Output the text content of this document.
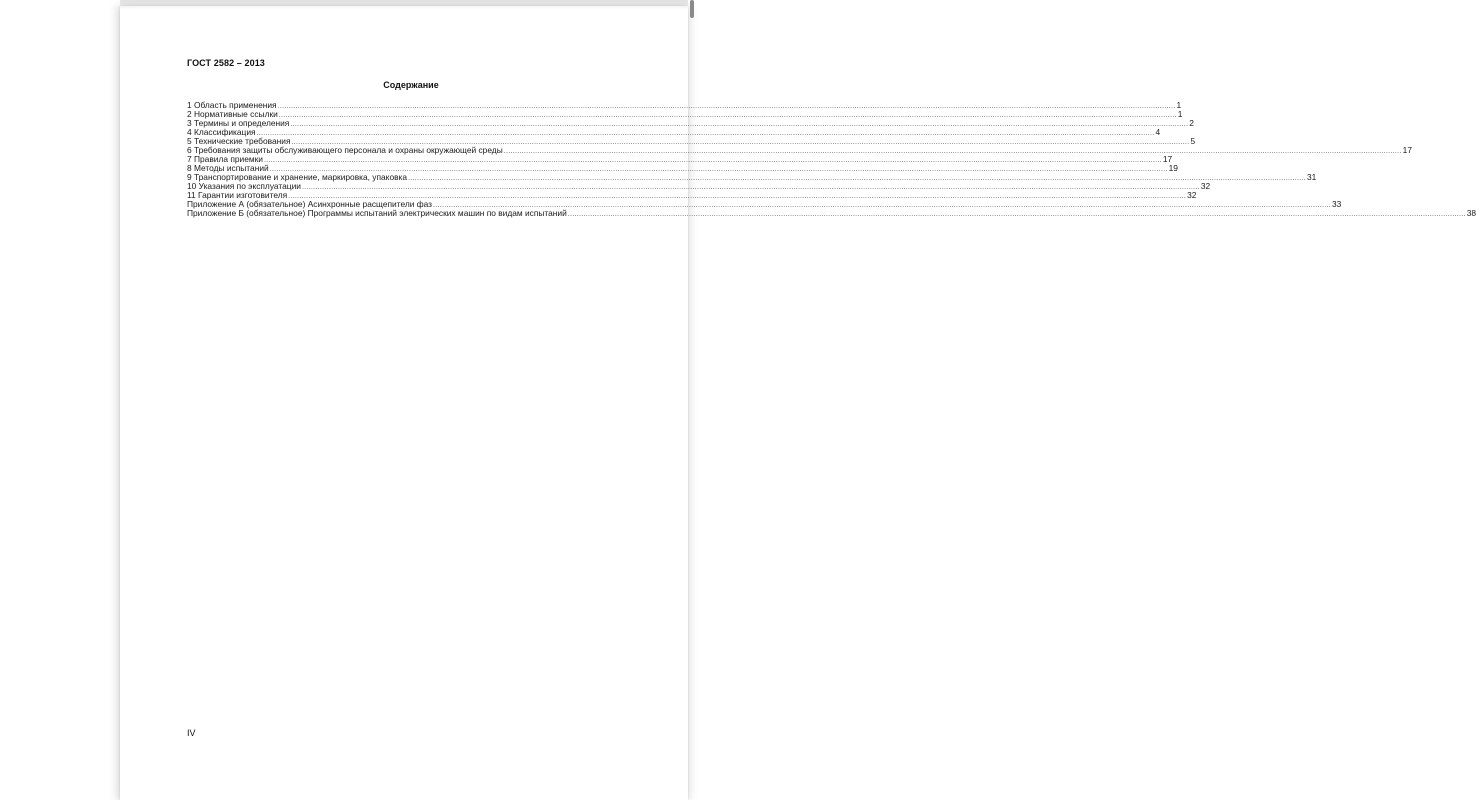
ГОСТ 2582 – 2013
Содержание
1 Область применения ................................................................................................................................................................................................................................................................................................................................................................................................................ 1
2 Нормативные ссылки ................................................................................................................................................................................................................................................................................................................................................................................................................ 1
3 Термины и определения ................................................................................................................................................................................................................................................................................................................................................................................................................ 2
4 Классификация ................................................................................................................................................................................................................................................................................................................................................................................................................ 4
5 Технические требования ................................................................................................................................................................................................................................................................................................................................................................................................................ 5
6 Требования защиты обслуживающего персонала и охраны окружающей среды ................................................................................................................................................................................................................................................................................................................................................................................................................ 17
7 Правила приемки ................................................................................................................................................................................................................................................................................................................................................................................................................ 17
8 Методы испытаний ................................................................................................................................................................................................................................................................................................................................................................................................................ 19
9 Транспортирование и хранение, маркировка, упаковка ................................................................................................................................................................................................................................................................................................................................................................................................................ 31
10 Указания по эксплуатации ................................................................................................................................................................................................................................................................................................................................................................................................................ 32
11 Гарантии изготовителя ................................................................................................................................................................................................................................................................................................................................................................................................................ 32
Приложение А (обязательное) Асинхронные расщепители фаз ................................................................................................................................................................................................................................................................................................................................................................................................................ 33
Приложение Б (обязательное) Программы испытаний электрических машин по видам испытаний ................................................................................................................................................................................................................................................................................................................................................................................................................ 38
IV
